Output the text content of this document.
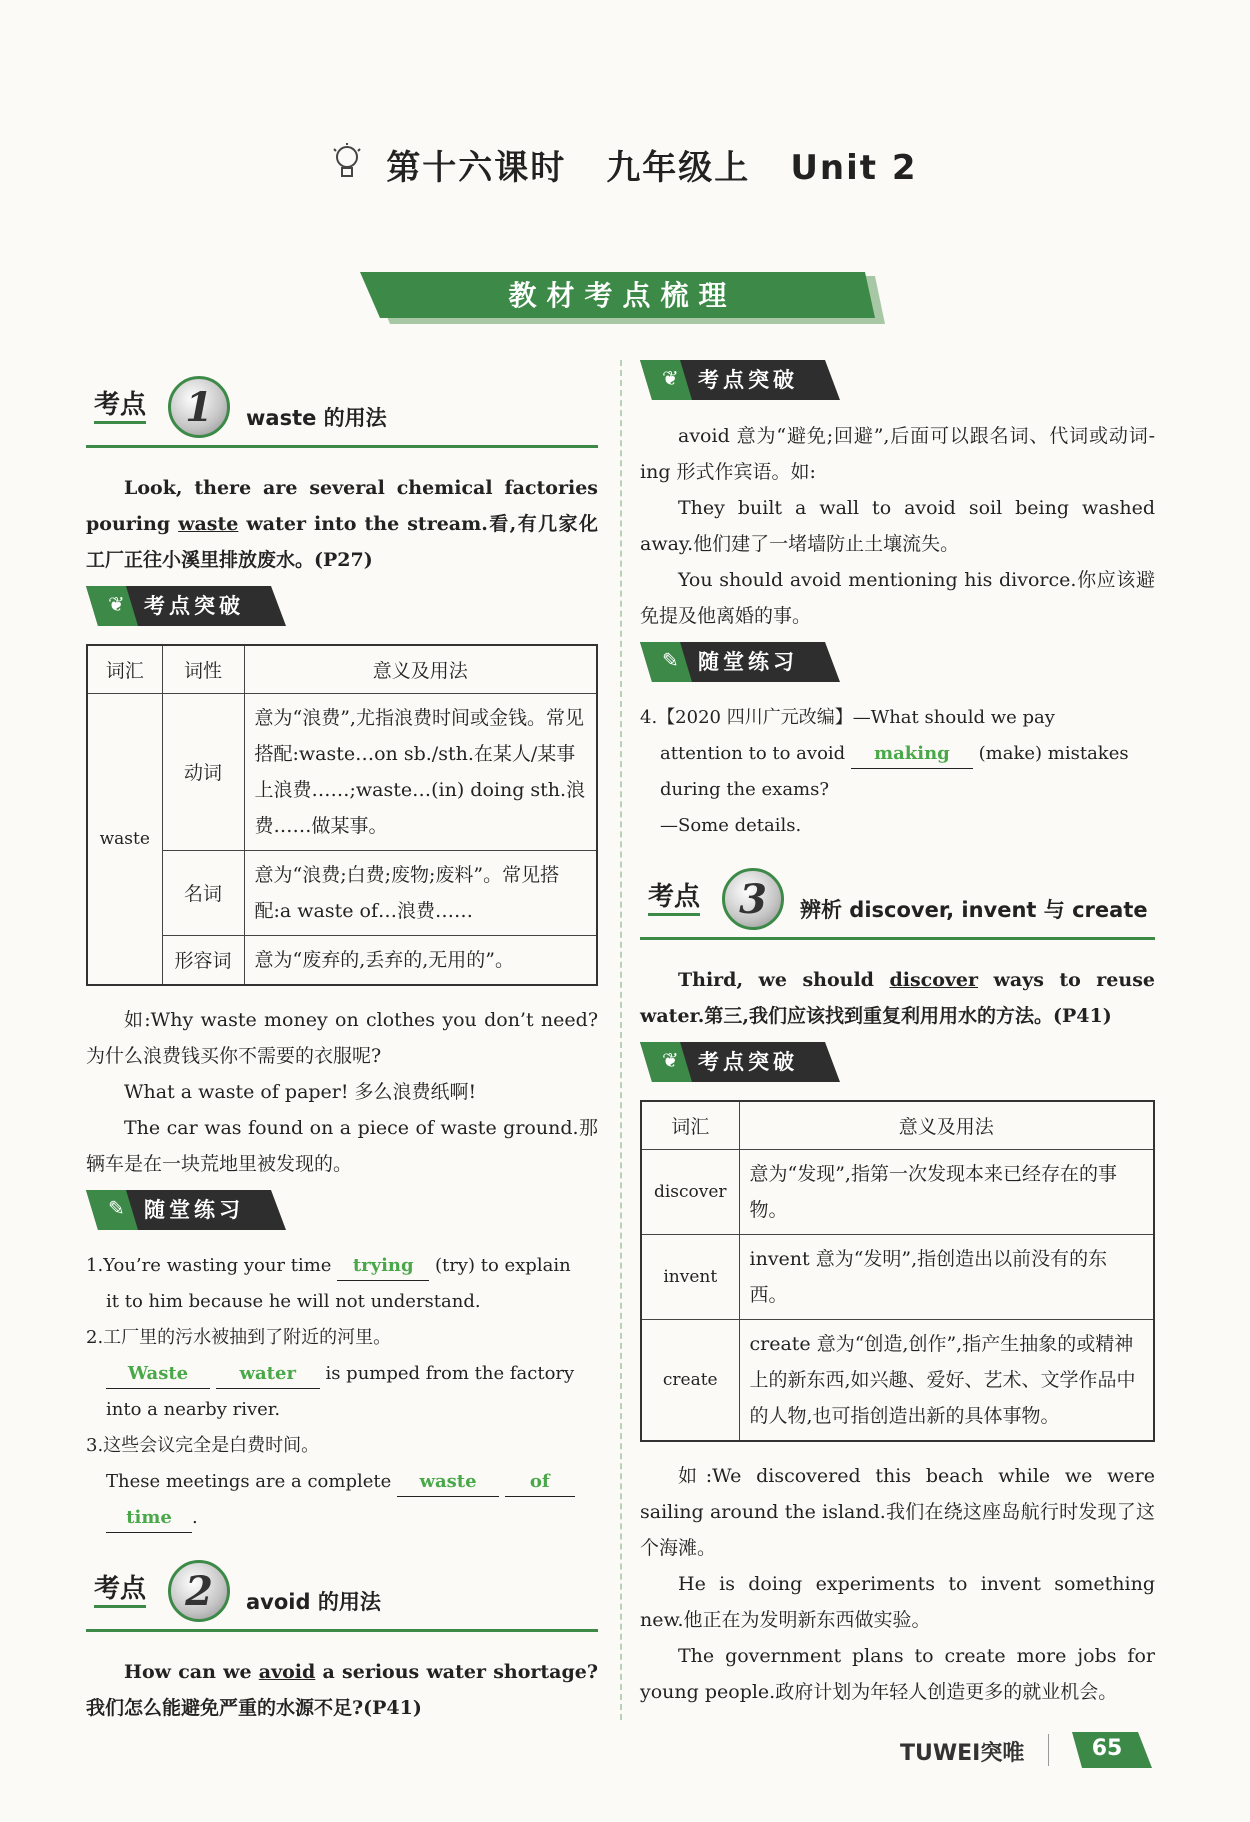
第十六课时 九年级上 Unit 2
教材考点梳理
考点 1	waste 的用法

Look, there are several chemical factories pouring waste water into the stream.看,有几家化工厂正往小溪里排放废水。(P27)

❦ 考点突破
词汇	词性	意义及用法
waste	动词	意为“浪费”,尤指浪费时间或金钱。常见搭配:waste…on sb./sth.在某人/某事上浪费……;waste…(in) doing sth.浪费……做某事。
	名词	意为“浪费;白费;废物;废料”。常见搭配:a waste of…浪费……
	形容词	意为“废弃的,丢弃的,无用的”。

如:Why waste money on clothes you don’t need?为什么浪费钱买你不需要的衣服呢?

What a waste of paper! 多么浪费纸啊!

The car was found on a piece of waste ground.那辆车是在一块荒地里被发现的。

✎ 随堂练习
1.You’re wasting your time trying (try) to explain
it to him because he will not understand.
2.工厂里的污水被抽到了附近的河里。
Waste	water is pumped from the factory
into a nearby river.
3.这些会议完全是白费时间。
These meetings are a complete waste	of
time .
考点 2	avoid 的用法

How can we avoid a serious water shortage? 我们怎么能避免严重的水源不足?(P41)

❦ 考点突破

avoid 意为“避免;回避”,后面可以跟名词、代词或动词-ing 形式作宾语。如:

They built a wall to avoid soil being washed away.他们建了一堵墙防止土壤流失。

You should avoid mentioning his divorce.你应该避免提及他离婚的事。

✎ 随堂练习
4.【2020 四川广元改编】—What should we pay
attention to to avoid making (make) mistakes
during the exams?
—Some details.
考点 3	辨析 discover, invent 与 create

Third, we should discover ways to reuse water.第三,我们应该找到重复利用用水的方法。(P41)

❦ 考点突破
词汇	意义及用法
discover	意为“发现”,指第一次发现本来已经存在的事物。
invent	invent 意为“发明”,指创造出以前没有的东西。
create	create 意为“创造,创作”,指产生抽象的或精神上的新东西,如兴趣、爱好、艺术、文学作品中的人物,也可指创造出新的具体事物。

如:We discovered this beach while we were sailing around the island.我们在绕这座岛航行时发现了这个海滩。

He is doing experiments to invent something new.他正在为发明新东西做实验。

The government plans to create more jobs for young people.政府计划为年轻人创造更多的就业机会。

TUWEI突唯	65
